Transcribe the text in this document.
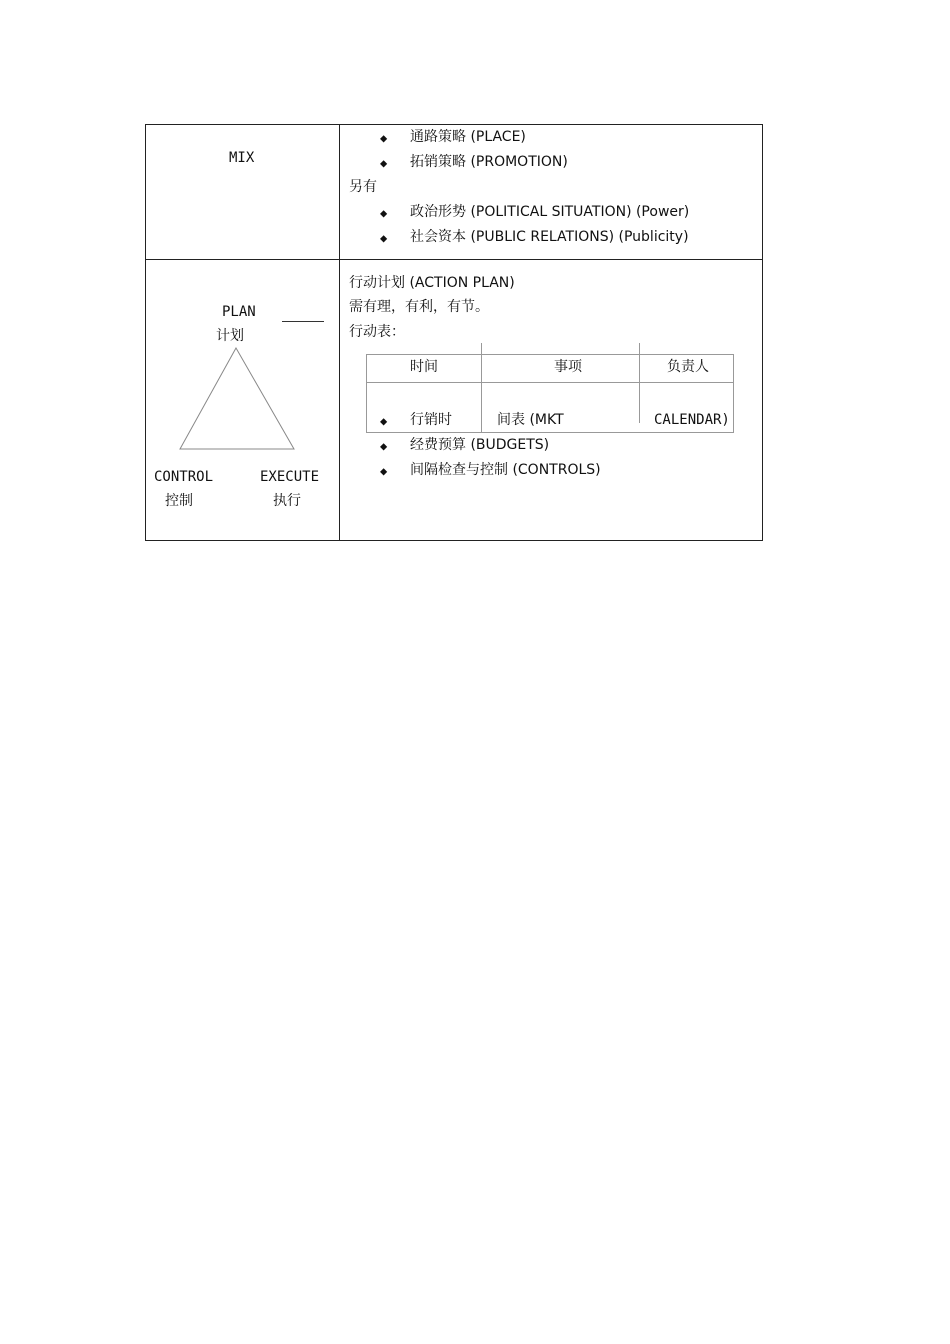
MIX
◆ 通路策略 (PLACE)
◆ 拓销策略 (PROMOTION)
另有
◆ 政治形势 (POLITICAL SITUATION) (Power)
◆ 社会资本 (PUBLIC RELATIONS) (Publicity)
PLAN
计划
CONTROL
控制
EXECUTE
执行
行动计划 (ACTION PLAN)
需有理，有利，有节。
行动表：
时间	事项	负责人
◆ 行销时	间表 (MKT	CALENDAR)
◆ 经费预算 (BUDGETS)
◆ 间隔检查与控制 (CONTROLS)
